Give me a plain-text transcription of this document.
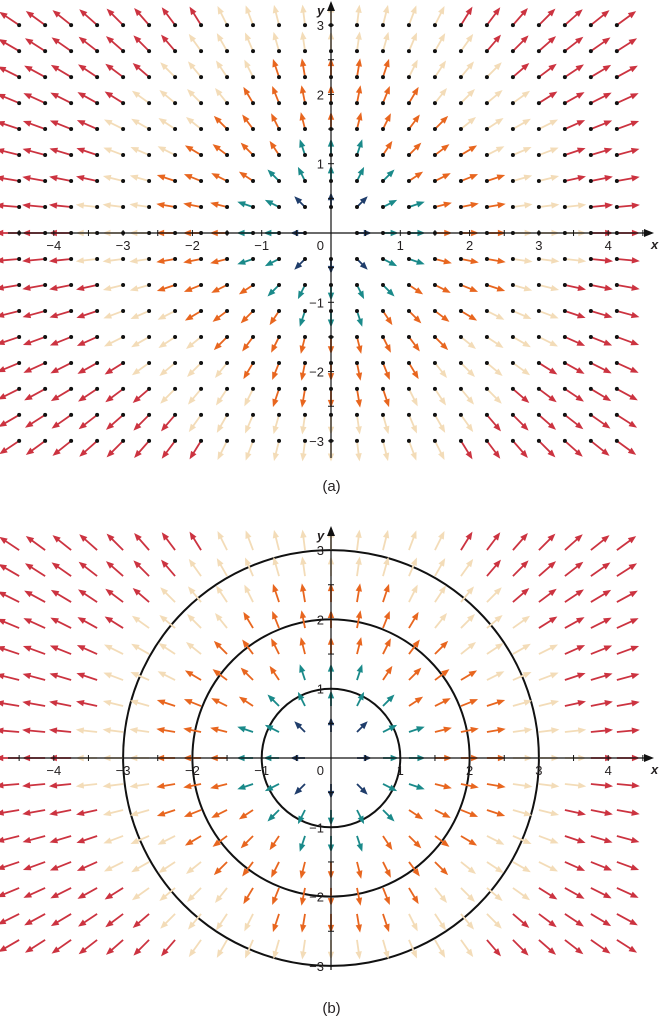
−4	−3	−2	−1	1	2	3	4
−3
−2
−1
1
2
3
0	x
y
(a)
−4	−3	−2	−1	1	2	3	4
−3
−2
−1
1
2
3
0	x
y
(b)
